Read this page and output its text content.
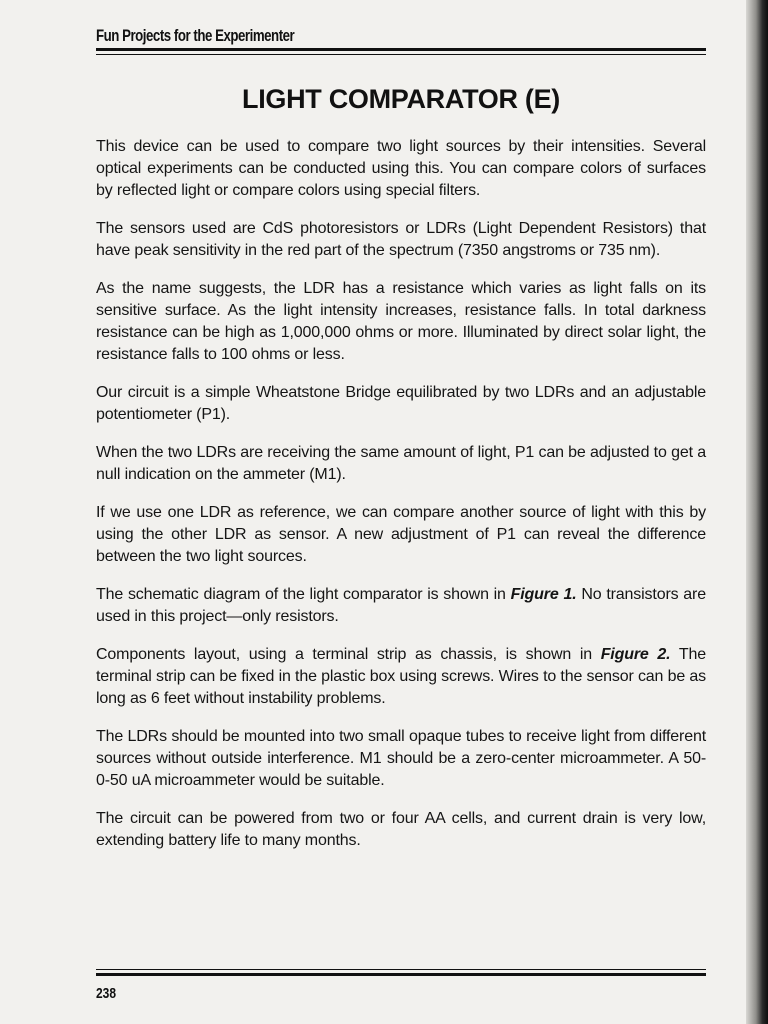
Fun Projects for the Experimenter
LIGHT COMPARATOR (E)

This device can be used to compare two light sources by their intensities. Several optical experiments can be conducted using this. You can compare colors of surfaces by reflected light or compare colors using special filters.

The sensors used are CdS photoresistors or LDRs (Light Dependent Resistors) that have peak sensitivity in the red part of the spectrum (7350 angstroms or 735 nm).

As the name suggests, the LDR has a resistance which varies as light falls on its sensitive surface. As the light intensity increases, resistance falls. In total darkness resistance can be high as 1,000,000 ohms or more. Illuminated by direct solar light, the resistance falls to 100 ohms or less.

Our circuit is a simple Wheatstone Bridge equilibrated by two LDRs and an adjustable potentiometer (P1).

When the two LDRs are receiving the same amount of light, P1 can be adjusted to get a null indication on the ammeter (M1).

If we use one LDR as reference, we can compare another source of light with this by using the other LDR as sensor. A new adjustment of P1 can reveal the difference between the two light sources.

The schematic diagram of the light comparator is shown in Figure 1. No transistors are used in this project—only resistors.

Components layout, using a terminal strip as chassis, is shown in Figure 2. The terminal strip can be fixed in the plastic box using screws. Wires to the sensor can be as long as 6 feet without instability problems.

The LDRs should be mounted into two small opaque tubes to receive light from different sources without outside interference. M1 should be a zero-center microammeter. A 50-0-50 uA microammeter would be suitable.

The circuit can be powered from two or four AA cells, and current drain is very low, extending battery life to many months.

238
